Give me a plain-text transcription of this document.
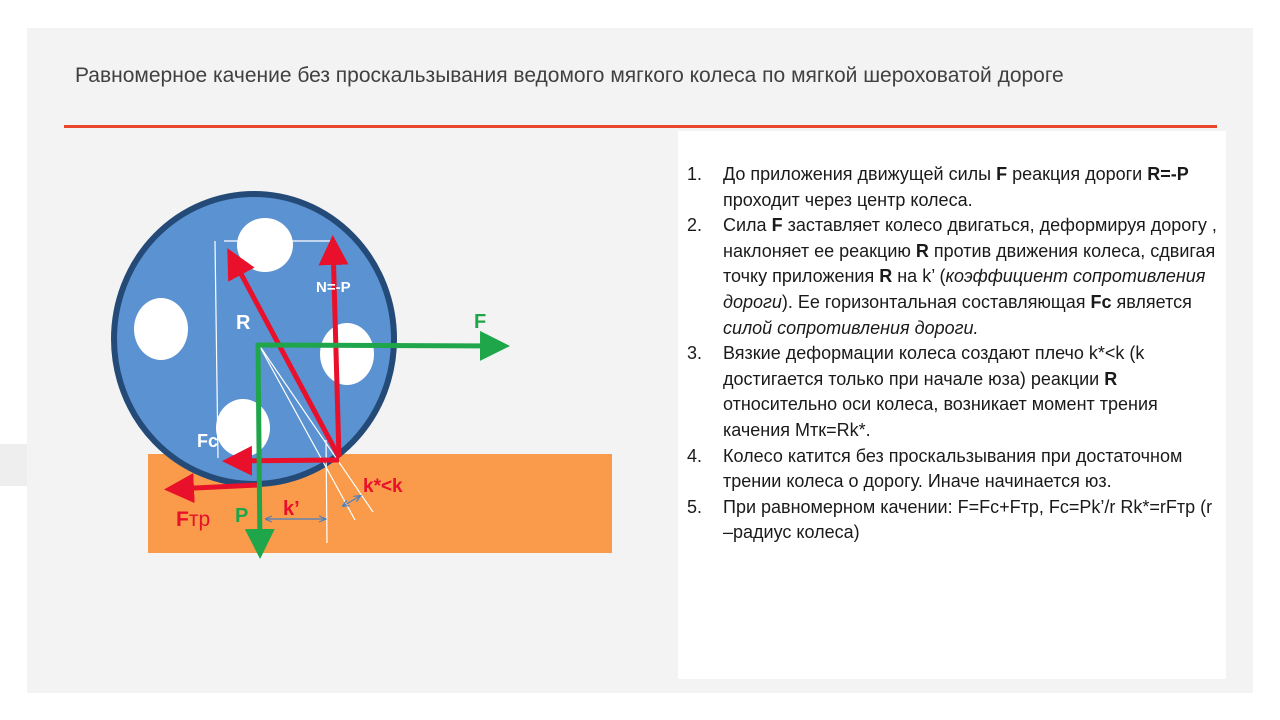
Равномерное качение без проскальзывания ведомого мягкого колеса по мягкой шероховатой дороге
R
N=-P
F
Fc
k*<k
Fтр P k’
1. До приложения движущей силы F реакция дороги R=-P проходит через центр колеса.
2. Сила F заставляет колесо двигаться, деформируя дорогу , наклоняет ее реакцию R против движения колеса, сдвигая точку приложения R на k’ (коэффициент сопротивления дороги). Ее горизонтальная составляющая Fc является силой сопротивления дороги.
3. Вязкие деформации колеса создают плечо k*<k (k достигается только при начале юза) реакции R относительно оси колеса, возникает момент трения качения Мтк=Rk*.
4. Колесо катится без проскальзывания при достаточном трении колеса о дорогу. Иначе начинается юз.
5. При равномерном качении: F=Fc+Fтр, Fc=Pk’/r Rk*=rFтр (r –радиус колеса)
